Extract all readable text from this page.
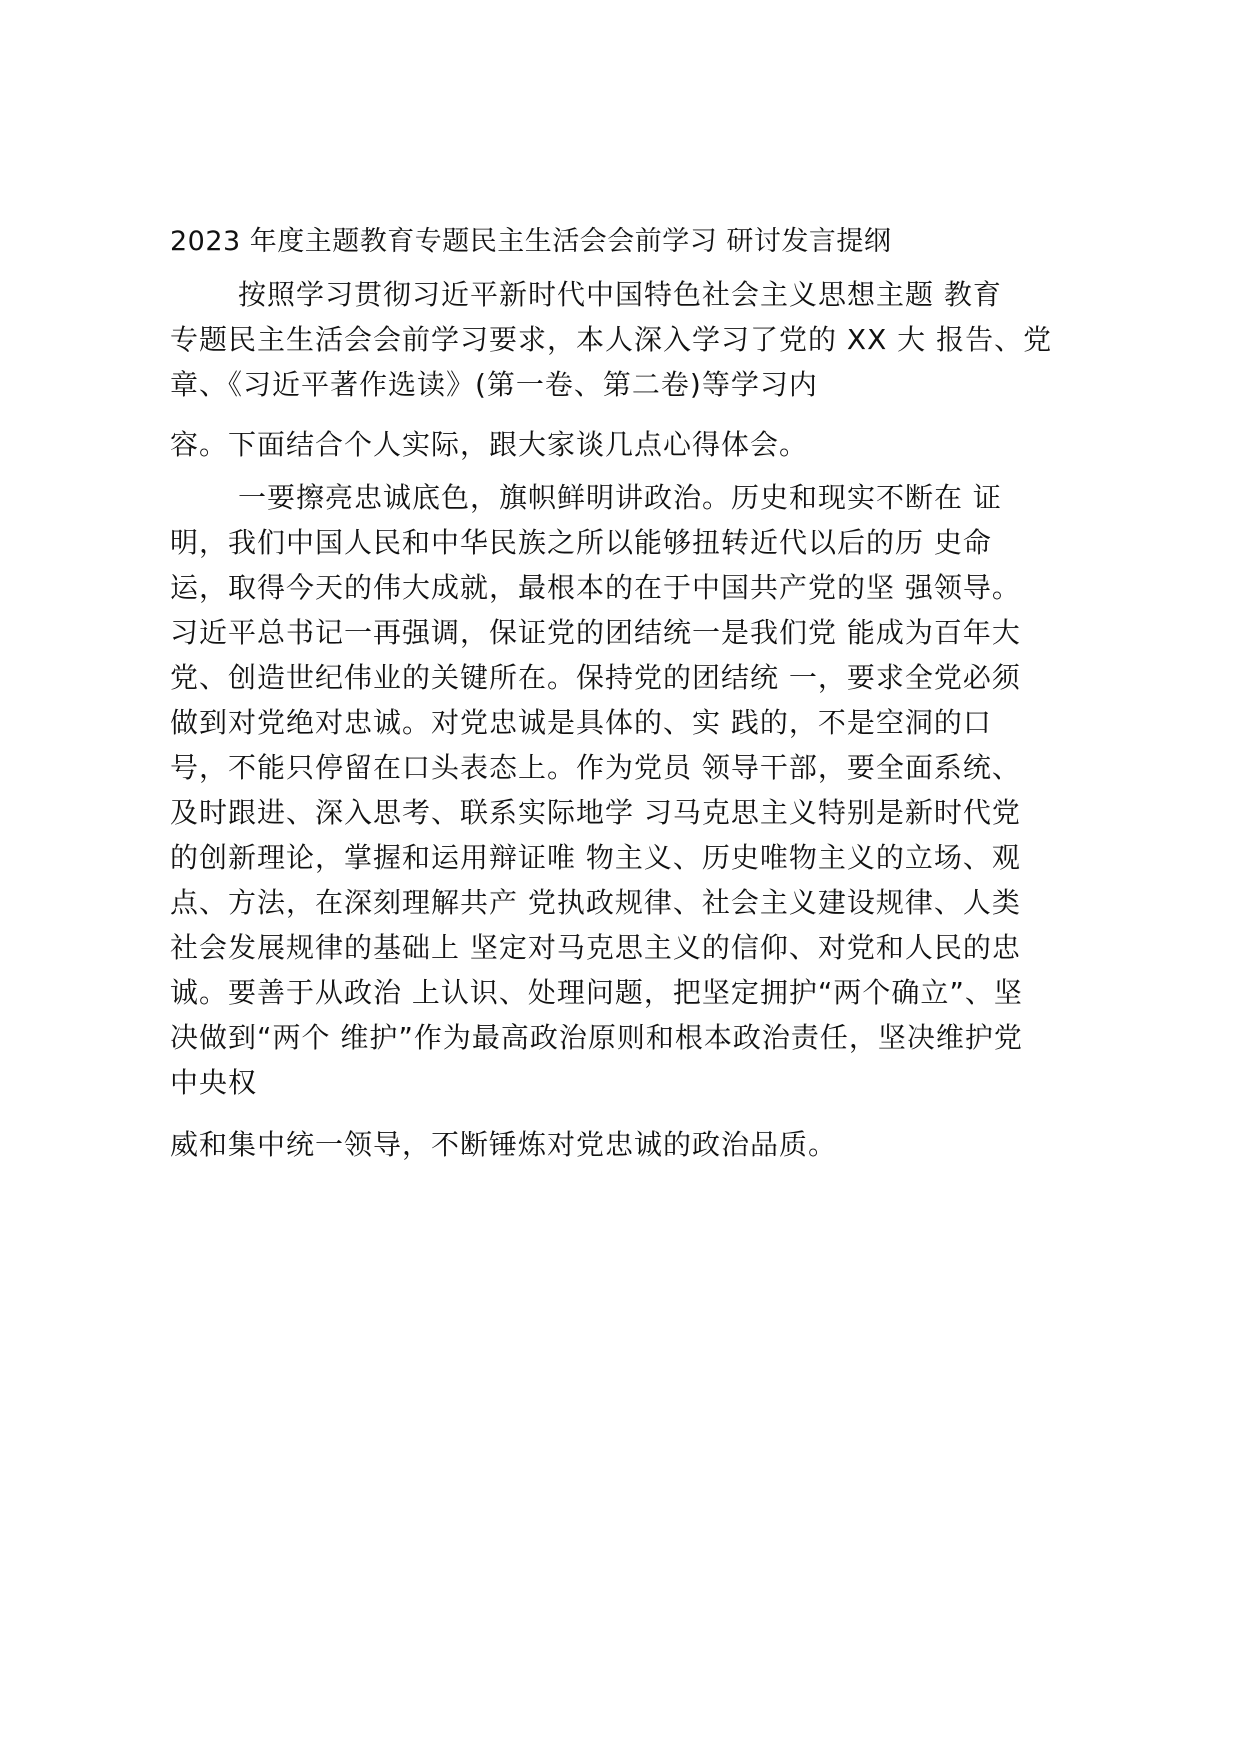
2023 年度主题教育专题民主生活会会前学习 研讨发言提纲
按照学习贯彻习近平新时代中国特色社会主义思想主题 教育
专题民主生活会会前学习要求，本人深入学习了党的 XX 大 报告、党
章、《习近平著作选读》(第一卷、第二卷)等学习内
容。下面结合个人实际，跟大家谈几点心得体会。
一要擦亮忠诚底色，旗帜鲜明讲政治。历史和现实不断在 证
明，我们中国人民和中华民族之所以能够扭转近代以后的历 史命
运，取得今天的伟大成就，最根本的在于中国共产党的坚 强领导。
习近平总书记一再强调，保证党的团结统一是我们党 能成为百年大
党、创造世纪伟业的关键所在。保持党的团结统 一，要求全党必须
做到对党绝对忠诚。对党忠诚是具体的、实 践的，不是空洞的口
号，不能只停留在口头表态上。作为党员 领导干部，要全面系统、
及时跟进、深入思考、联系实际地学 习马克思主义特别是新时代党
的创新理论，掌握和运用辩证唯 物主义、历史唯物主义的立场、观
点、方法，在深刻理解共产 党执政规律、社会主义建设规律、人类
社会发展规律的基础上 坚定对马克思主义的信仰、对党和人民的忠
诚。要善于从政治 上认识、处理问题，把坚定拥护“两个确立”、坚
决做到“两个 维护”作为最高政治原则和根本政治责任，坚决维护党
中央权
威和集中统一领导，不断锤炼对党忠诚的政治品质。
